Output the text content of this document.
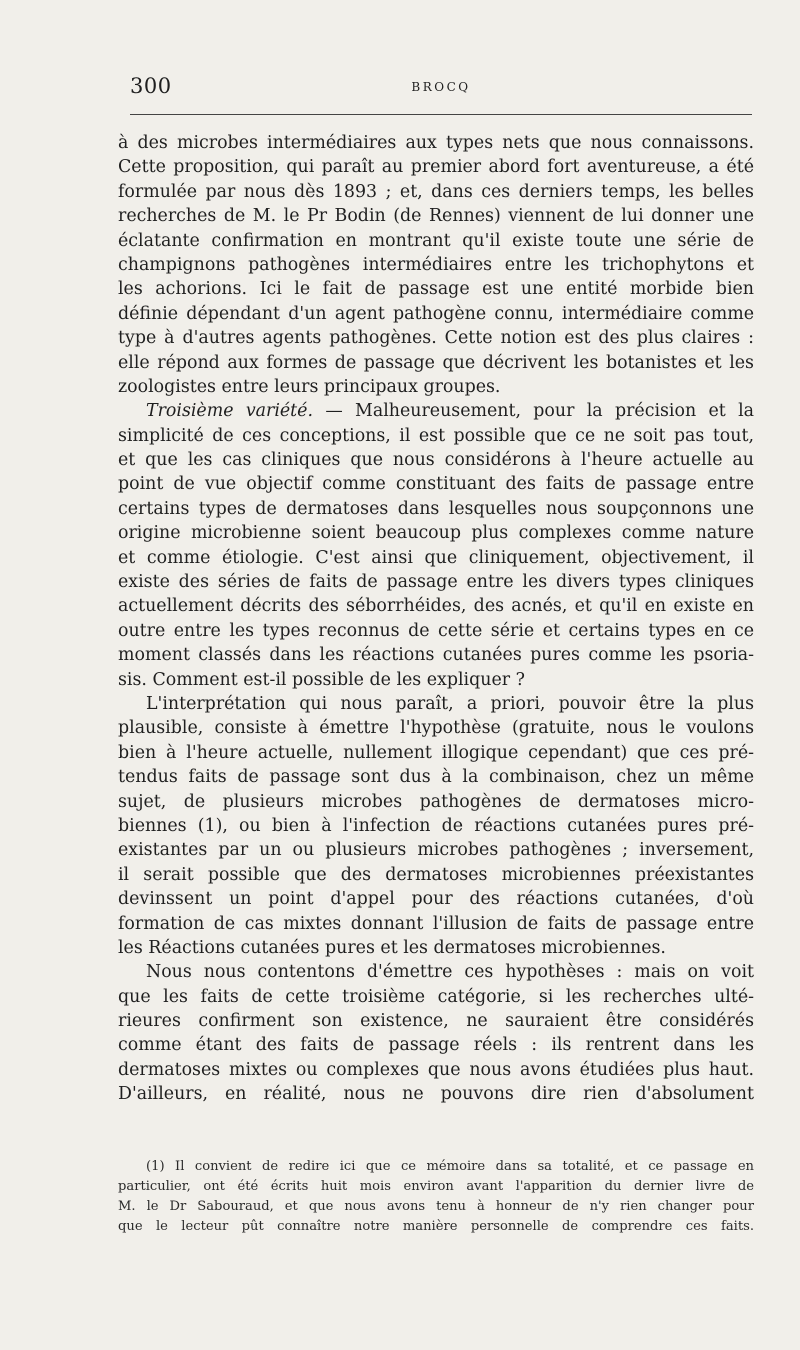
300	BROCQ
à des microbes intermédiaires aux types nets que nous connaissons.
Cette proposition, qui paraît au premier abord fort aventureuse, a été
formulée par nous dès 1893 ; et, dans ces derniers temps, les belles
recherches de M. le Pr Bodin (de Rennes) viennent de lui donner une
éclatante confirmation en montrant qu'il existe toute une série de
champignons pathogènes intermédiaires entre les trichophytons et
les achorions. Ici le fait de passage est une entité morbide bien
définie dépendant d'un agent pathogène connu, intermédiaire comme
type à d'autres agents pathogènes. Cette notion est des plus claires :
elle répond aux formes de passage que décrivent les botanistes et les
zoologistes entre leurs principaux groupes.
Troisième variété. — Malheureusement, pour la précision et la
simplicité de ces conceptions, il est possible que ce ne soit pas tout,
et que les cas cliniques que nous considérons à l'heure actuelle au
point de vue objectif comme constituant des faits de passage entre
certains types de dermatoses dans lesquelles nous soupçonnons une
origine microbienne soient beaucoup plus complexes comme nature
et comme étiologie. C'est ainsi que cliniquement, objectivement, il
existe des séries de faits de passage entre les divers types cliniques
actuellement décrits des séborrhéides, des acnés, et qu'il en existe en
outre entre les types reconnus de cette série et certains types en ce
moment classés dans les réactions cutanées pures comme les psoria-
sis. Comment est-il possible de les expliquer ?
L'interprétation qui nous paraît, a priori, pouvoir être la plus
plausible, consiste à émettre l'hypothèse (gratuite, nous le voulons
bien à l'heure actuelle, nullement illogique cependant) que ces pré-
tendus faits de passage sont dus à la combinaison, chez un même
sujet, de plusieurs microbes pathogènes de dermatoses micro-
biennes (1), ou bien à l'infection de réactions cutanées pures pré-
existantes par un ou plusieurs microbes pathogènes ; inversement,
il serait possible que des dermatoses microbiennes préexistantes
devinssent un point d'appel pour des réactions cutanées, d'où
formation de cas mixtes donnant l'illusion de faits de passage entre
les Réactions cutanées pures et les dermatoses microbiennes.
Nous nous contentons d'émettre ces hypothèses : mais on voit
que les faits de cette troisième catégorie, si les recherches ulté-
rieures confirment son existence, ne sauraient être considérés
comme étant des faits de passage réels : ils rentrent dans les
dermatoses mixtes ou complexes que nous avons étudiées plus haut.
D'ailleurs, en réalité, nous ne pouvons dire rien d'absolument
(1) Il convient de redire ici que ce mémoire dans sa totalité, et ce passage en
particulier, ont été écrits huit mois environ avant l'apparition du dernier livre de
M. le Dr Sabouraud, et que nous avons tenu à honneur de n'y rien changer pour
que le lecteur pût connaître notre manière personnelle de comprendre ces faits.
